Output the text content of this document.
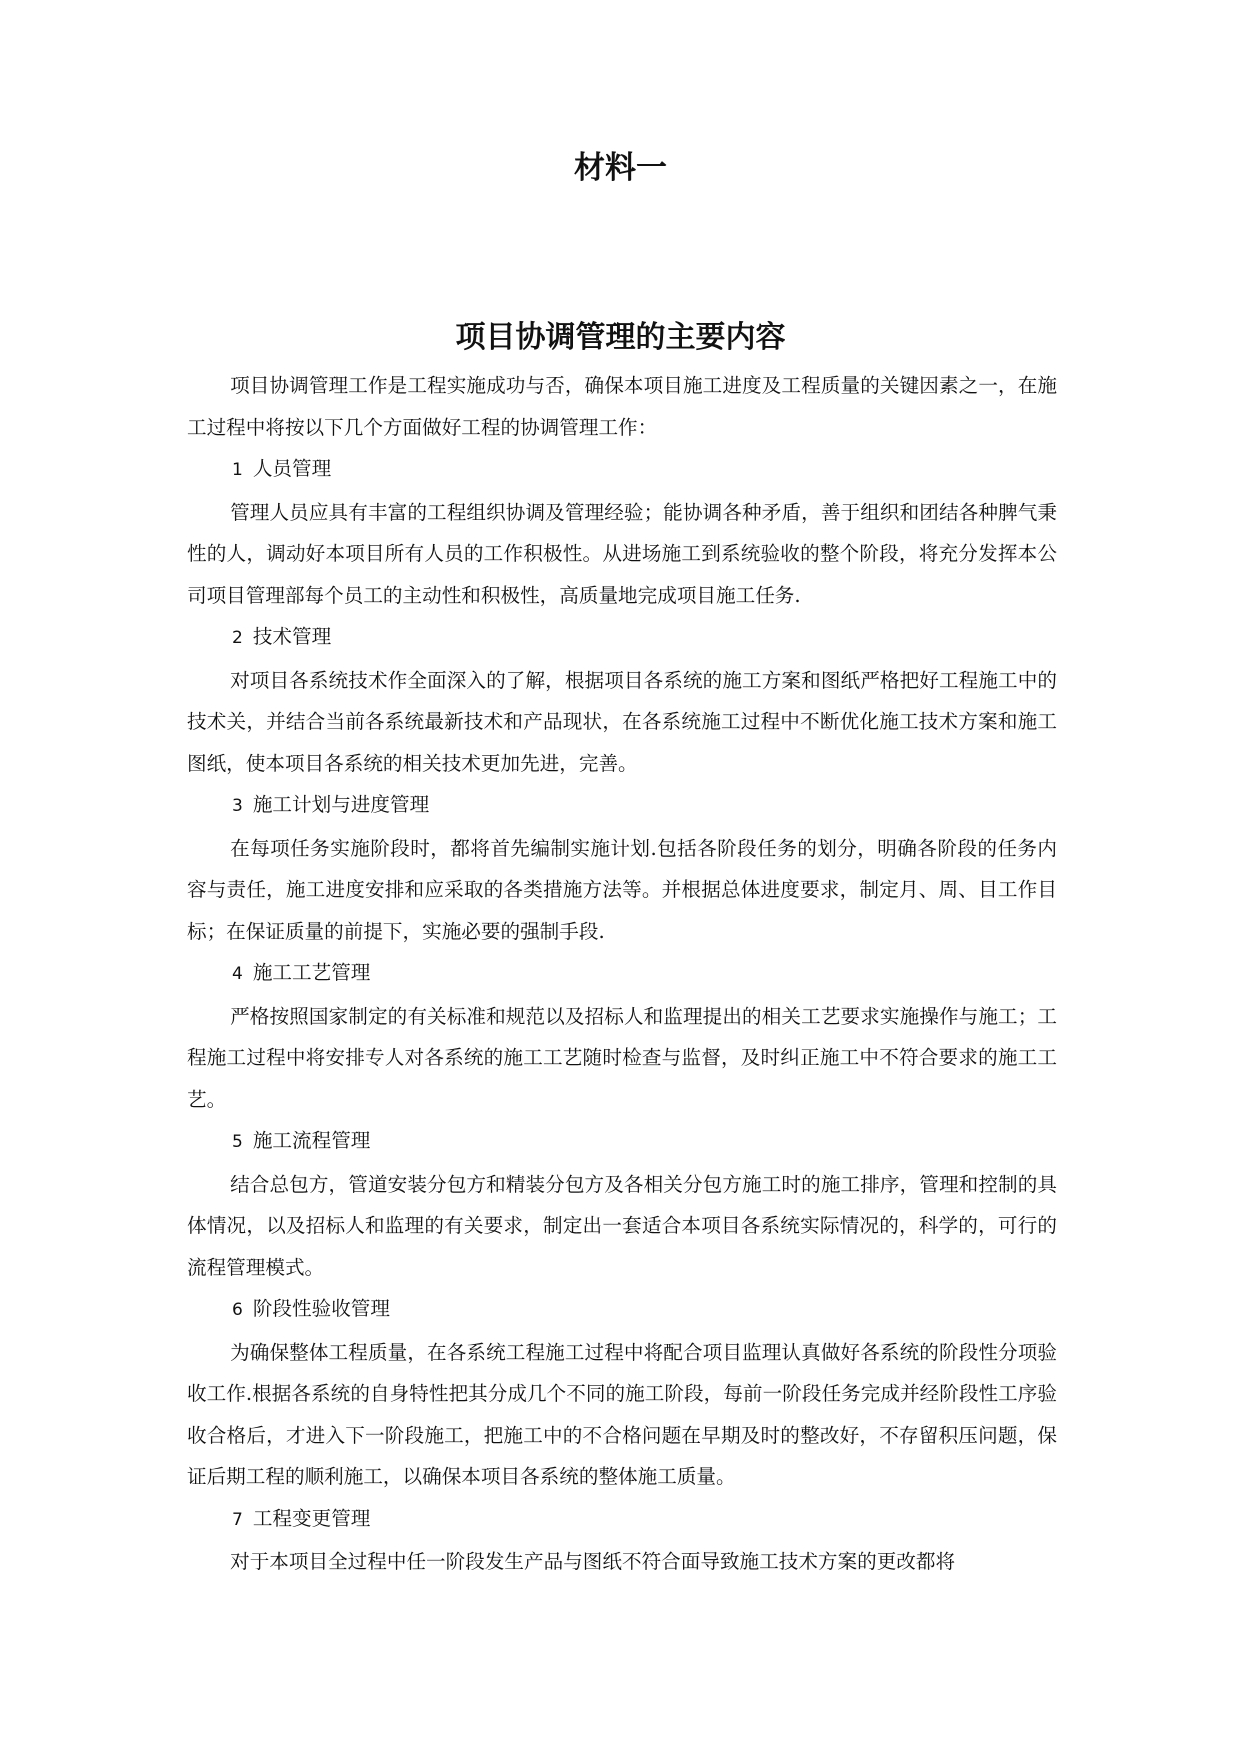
材料一
项目协调管理的主要内容

项目协调管理工作是工程实施成功与否，确保本项目施工进度及工程质量的关键因素之一，在施工过程中将按以下几个方面做好工程的协调管理工作：

1 人员管理

管理人员应具有丰富的工程组织协调及管理经验；能协调各种矛盾，善于组织和团结各种脾气秉性的人，调动好本项目所有人员的工作积极性。从进场施工到系统验收的整个阶段，将充分发挥本公司项目管理部每个员工的主动性和积极性，高质量地完成项目施工任务.

2 技术管理

对项目各系统技术作全面深入的了解，根据项目各系统的施工方案和图纸严格把好工程施工中的技术关，并结合当前各系统最新技术和产品现状，在各系统施工过程中不断优化施工技术方案和施工图纸，使本项目各系统的相关技术更加先进，完善。

3 施工计划与进度管理

在每项任务实施阶段时，都将首先编制实施计划.包括各阶段任务的划分，明确各阶段的任务内容与责任，施工进度安排和应采取的各类措施方法等。并根据总体进度要求，制定月、周、目工作目标；在保证质量的前提下，实施必要的强制手段.

4 施工工艺管理

严格按照国家制定的有关标准和规范以及招标人和监理提出的相关工艺要求实施操作与施工；工程施工过程中将安排专人对各系统的施工工艺随时检查与监督，及时纠正施工中不符合要求的施工工艺。

5 施工流程管理

结合总包方，管道安装分包方和精装分包方及各相关分包方施工时的施工排序，管理和控制的具体情况，以及招标人和监理的有关要求，制定出一套适合本项目各系统实际情况的，科学的，可行的流程管理模式。

6 阶段性验收管理

为确保整体工程质量，在各系统工程施工过程中将配合项目监理认真做好各系统的阶段性分项验收工作.根据各系统的自身特性把其分成几个不同的施工阶段，每前一阶段任务完成并经阶段性工序验收合格后，才进入下一阶段施工，把施工中的不合格问题在早期及时的整改好，不存留积压问题，保证后期工程的顺利施工，以确保本项目各系统的整体施工质量。

7 工程变更管理

对于本项目全过程中任一阶段发生产品与图纸不符合面导致施工技术方案的更改都将
